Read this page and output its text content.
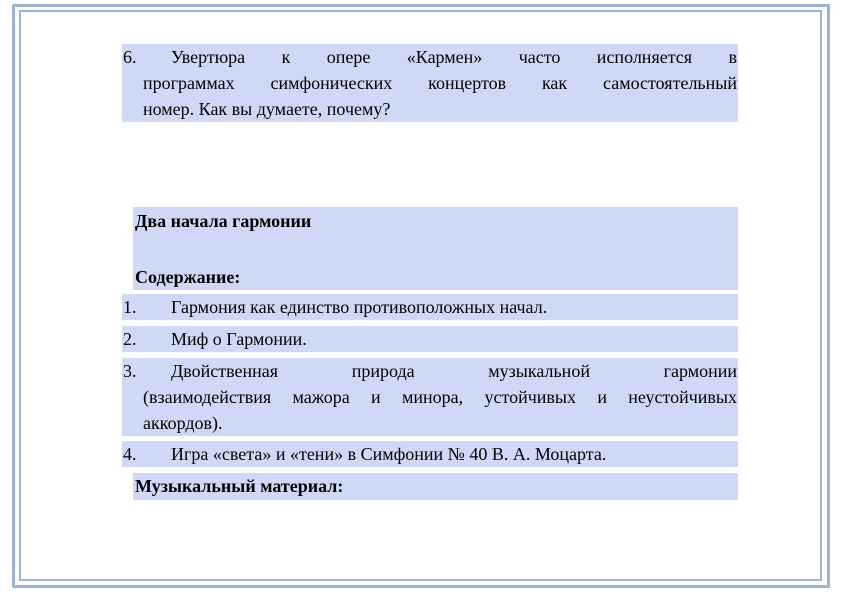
6. Увертюра к опере «Кармен» часто исполняется в
программах симфонических концертов как самостоятельный
номер. Как вы думаете, почему?
Два начала гармонии
Содержание:
1. Гармония как единство противоположных начал.
2. Миф о Гармонии.
3. Двойственная природа музыкальной гармонии
(взаимодействия мажора и минора, устойчивых и неустойчивых
аккордов).
4. Игра «света» и «тени» в Симфонии № 40 В. А. Моцарта.
Музыкальный материал:
